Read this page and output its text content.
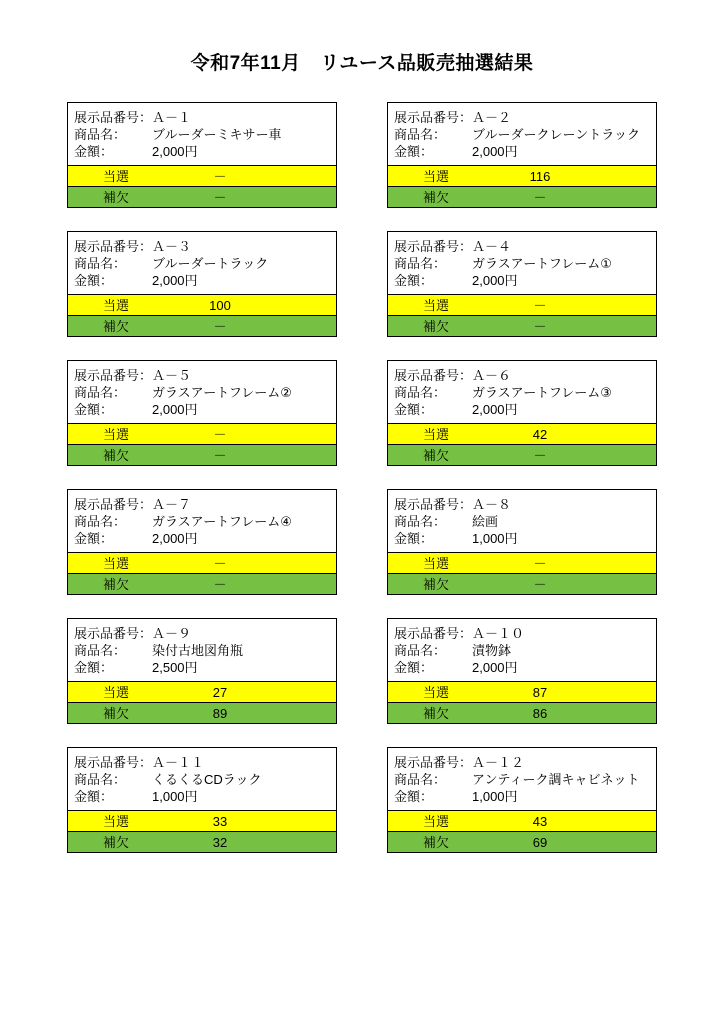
令和7年11月　リユース品販売抽選結果
展示品番号： Ａ－１
商品名：	ブルーダーミキサー車
金額：	2,000円
当選	－
補欠	－
展示品番号： Ａ－２
商品名：	ブルーダークレーントラック
金額：	2,000円
当選	116
補欠	－
展示品番号： Ａ－３
商品名：	ブルーダートラック
金額：	2,000円
当選	100
補欠	－
展示品番号： Ａ－４
商品名：	ガラスアートフレーム①
金額：	2,000円
当選	－
補欠	－
展示品番号： Ａ－５
商品名：	ガラスアートフレーム②
金額：	2,000円
当選	－
補欠	－
展示品番号： Ａ－６
商品名：	ガラスアートフレーム③
金額：	2,000円
当選	42
補欠	－
展示品番号： Ａ－７
商品名：	ガラスアートフレーム④
金額：	2,000円
当選	－
補欠	－
展示品番号： Ａ－８
商品名：	絵画
金額：	1,000円
当選	－
補欠	－
展示品番号： Ａ－９
商品名：	染付古地図角瓶
金額：	2,500円
当選	27
補欠	89
展示品番号： Ａ－１０
商品名：	漬物鉢
金額：	2,000円
当選	87
補欠	86
展示品番号： Ａ－１１
商品名：	くるくるCDラック
金額：	1,000円
当選	33
補欠	32
展示品番号： Ａ－１２
商品名：	アンティーク調キャビネット
金額：	1,000円
当選	43
補欠	69
